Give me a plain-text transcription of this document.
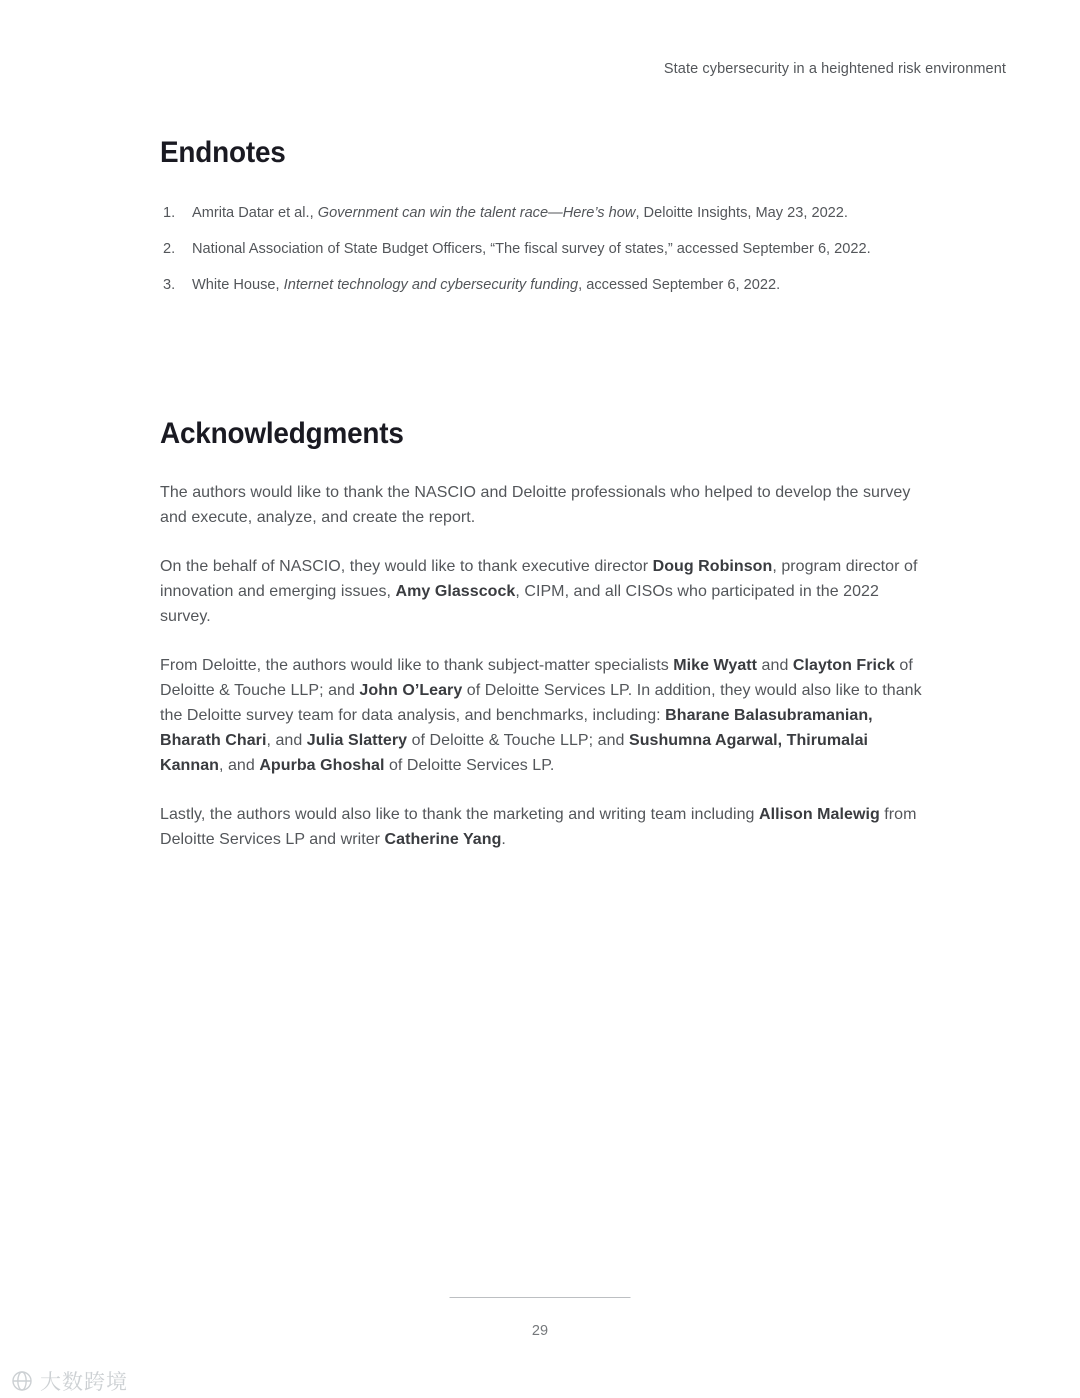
State cybersecurity in a heightened risk environment
Endnotes
1.	Amrita Datar et al., Government can win the talent race—Here’s how, Deloitte Insights, May 23, 2022.
2.	National Association of State Budget Officers, “The fiscal survey of states,” accessed September 6, 2022.
3.	White House, Internet technology and cybersecurity funding, accessed September 6, 2022.
Acknowledgments

The authors would like to thank the NASCIO and Deloitte professionals who helped to develop the survey and execute, analyze, and create the report.

On the behalf of NASCIO, they would like to thank executive director Doug Robinson, program director of innovation and emerging issues, Amy Glasscock, CIPM, and all CISOs who participated in the 2022 survey.

From Deloitte, the authors would like to thank subject-matter specialists Mike Wyatt and Clayton Frick of Deloitte & Touche LLP; and John O’Leary of Deloitte Services LP. In addition, they would also like to thank the Deloitte survey team for data analysis, and benchmarks, including: Bharane Balasubramanian, Bharath Chari, and Julia Slattery of Deloitte & Touche LLP; and Sushumna Agarwal, Thirumalai Kannan, and Apurba Ghoshal of Deloitte Services LP.

Lastly, the authors would also like to thank the marketing and writing team including Allison Malewig from Deloitte Services LP and writer Catherine Yang.

29
大数跨境
